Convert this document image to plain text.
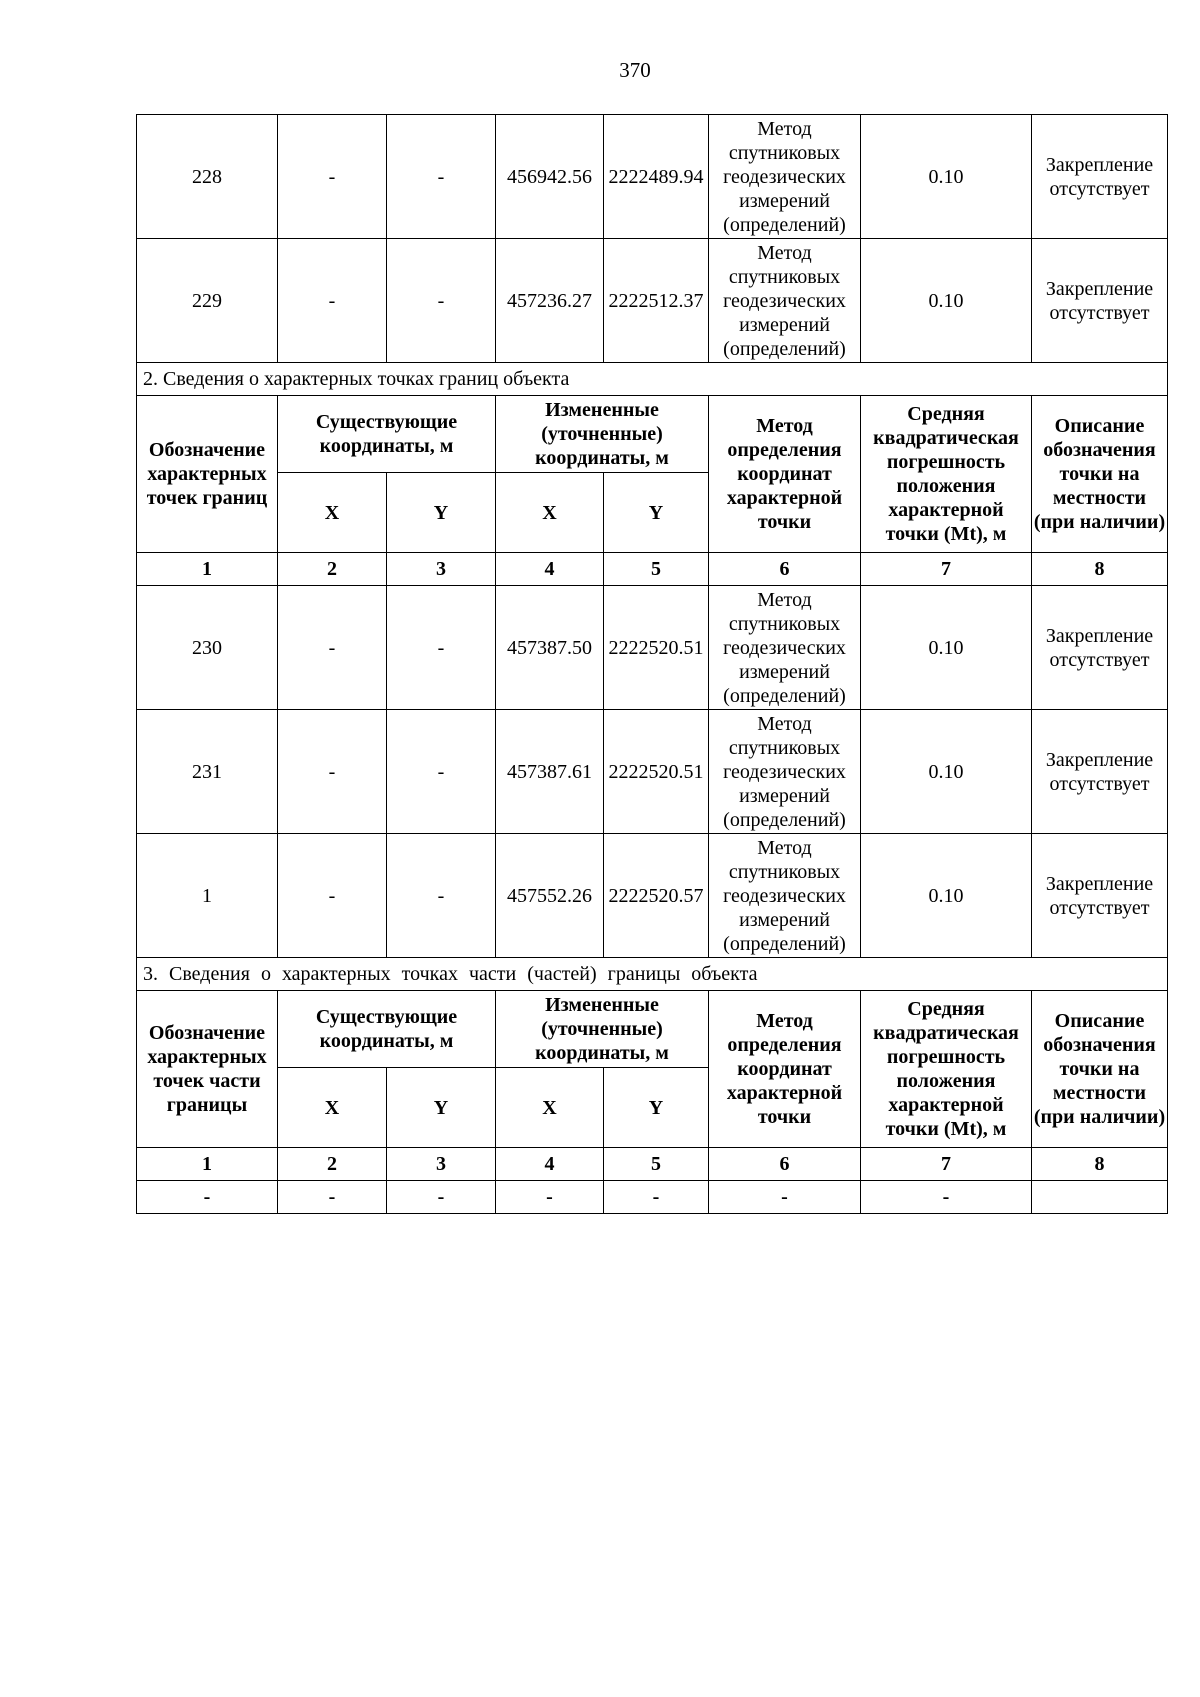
370
228	-	-	456942.56	2222489.94	Метод спутниковых геодезических измерений (определений)	0.10	Закрепление отсутствует
229	-	-	457236.27	2222512.37	Метод спутниковых геодезических измерений (определений)	0.10	Закрепление отсутствует
2. Сведения о характерных точках границ объекта							
Обозначение характерных точек границ	Существующие координаты, м		Измененные (уточненные) координаты, м		Метод определения координат характерной точки	Средняя квадратическая погрешность положения характерной точки (Mt), м	Описание обозначения точки на местности (при наличии)
	X	Y	X	Y			
1	2	3	4	5	6	7	8
230	-	-	457387.50	2222520.51	Метод спутниковых геодезических измерений (определений)	0.10	Закрепление отсутствует
231	-	-	457387.61	2222520.51	Метод спутниковых геодезических измерений (определений)	0.10	Закрепление отсутствует
1	-	-	457552.26	2222520.57	Метод спутниковых геодезических измерений (определений)	0.10	Закрепление отсутствует
3. Сведения о характерных точках части (частей) границы объекта							
Обозначение характерных точек части границы	Существующие координаты, м		Измененные (уточненные) координаты, м		Метод определения координат характерной точки	Средняя квадратическая погрешность положения характерной точки (Mt), м	Описание обозначения точки на местности (при наличии)
	X	Y	X	Y			
1	2	3	4	5	6	7	8
-	-	-	-	-	-	-	
